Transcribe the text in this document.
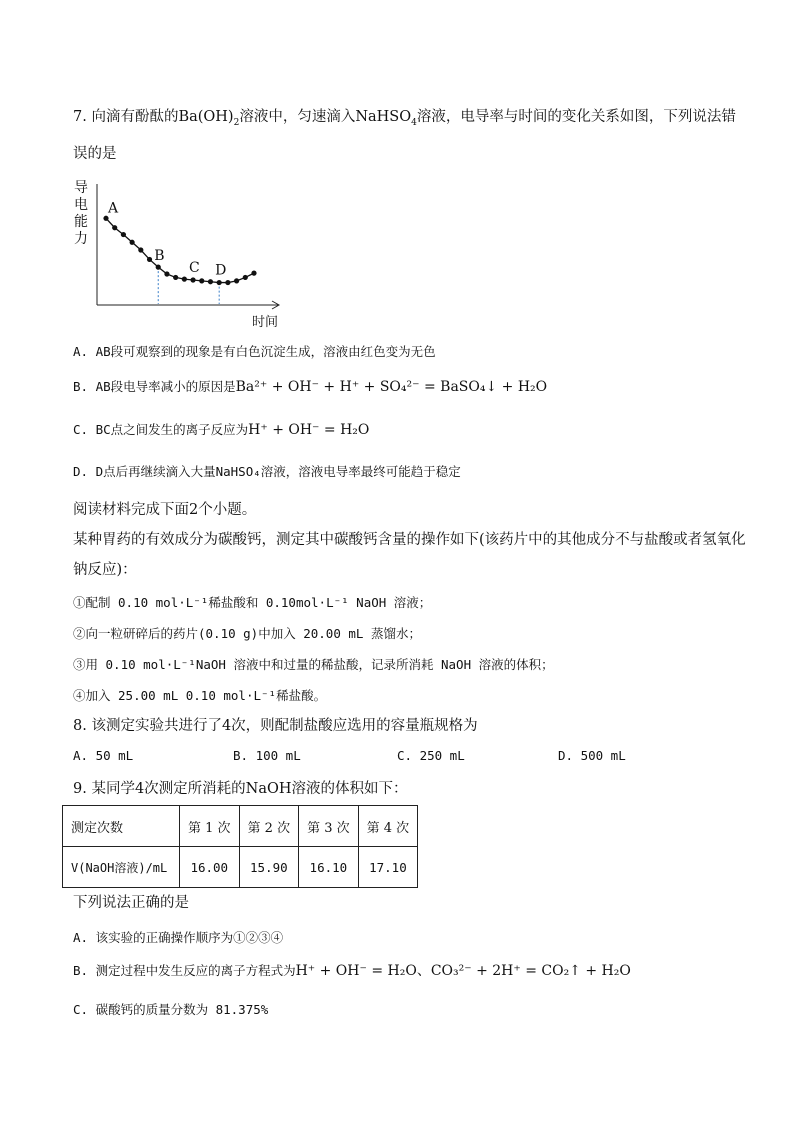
7. 向滴有酚酞的$Ba(OH)_2$溶液中，匀速滴入NaHSO$_4$溶液，电导率与时间的变化关系如图，下列说法错
误的是
导
电
能
力
时间
A
B
C D
A. AB段可观察到的现象是有白色沉淀生成，溶液由红色变为无色
B. AB段电导率减小的原因是Ba²⁺ + OH⁻ + H⁺ + SO₄²⁻ = BaSO₄↓ + H₂O
C. BC点之间发生的离子反应为H⁺ + OH⁻ = H₂O
D. D点后再继续滴入大量NaHSO₄溶液，溶液电导率最终可能趋于稳定
阅读材料完成下面2个小题。
某种胃药的有效成分为碳酸钙，测定其中碳酸钙含量的操作如下(该药片中的其他成分不与盐酸或者氢氧化
钠反应)：
①配制 0.10 mol·L⁻¹稀盐酸和 0.10mol·L⁻¹ NaOH 溶液；
②向一粒研碎后的药片(0.10 g)中加入 20.00 mL 蒸馏水；
③用 0.10 mol·L⁻¹NaOH 溶液中和过量的稀盐酸，记录所消耗 NaOH 溶液的体积；
④加入 25.00 mL 0.10 mol·L⁻¹稀盐酸。
8. 该测定实验共进行了4次，则配制盐酸应选用的容量瓶规格为
A. 50 mL	B. 100 mL	C. 250 mL	D. 500 mL
9. 某同学4次测定所消耗的NaOH溶液的体积如下：
测定次数	第 1 次	第 2 次	第 3 次	第 4 次
V(NaOH溶液)/mL	16.00	15.90	16.10	17.10
下列说法正确的是
A. 该实验的正确操作顺序为①②③④
B. 测定过程中发生反应的离子方程式为H⁺ + OH⁻ = H₂O、CO₃²⁻ + 2H⁺ = CO₂↑ + H₂O
C. 碳酸钙的质量分数为 81.375%
